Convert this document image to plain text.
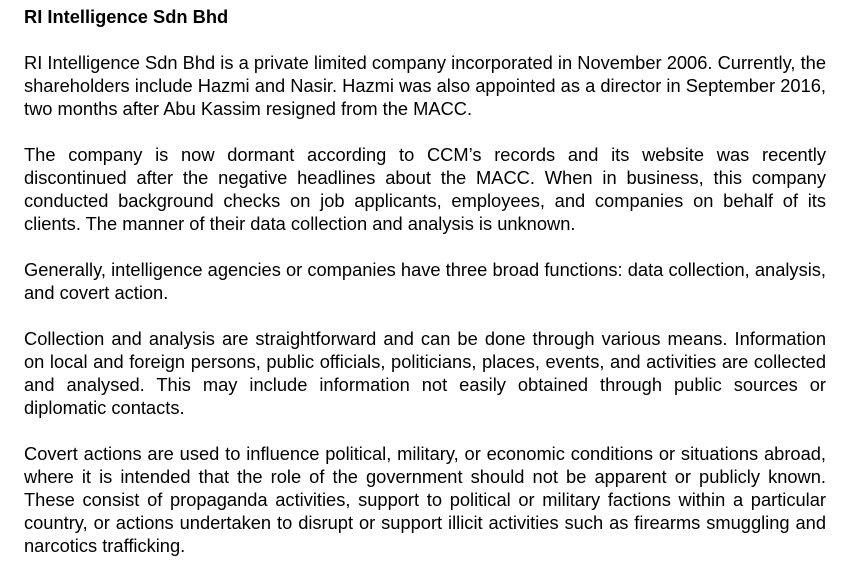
RI Intelligence Sdn Bhd

RI Intelligence Sdn Bhd is a private limited company incorporated in November 2006. Currently, the shareholders include Hazmi and Nasir. Hazmi was also appointed as a director in September 2016, two months after Abu Kassim resigned from the MACC.

The company is now dormant according to CCM’s records and its website was recently discontinued after the negative headlines about the MACC. When in business, this company conducted background checks on job applicants, employees, and companies on behalf of its clients. The manner of their data collection and analysis is unknown.

Generally, intelligence agencies or companies have three broad functions: data collection, analysis, and covert action.

Collection and analysis are straightforward and can be done through various means. Information on local and foreign persons, public officials, politicians, places, events, and activities are collected and analysed. This may include information not easily obtained through public sources or diplomatic contacts.

Covert actions are used to influence political, military, or economic conditions or situations abroad, where it is intended that the role of the government should not be apparent or publicly known. These consist of propaganda activities, support to political or military factions within a particular country, or actions undertaken to disrupt or support illicit activities such as firearms smuggling and narcotics trafficking.
